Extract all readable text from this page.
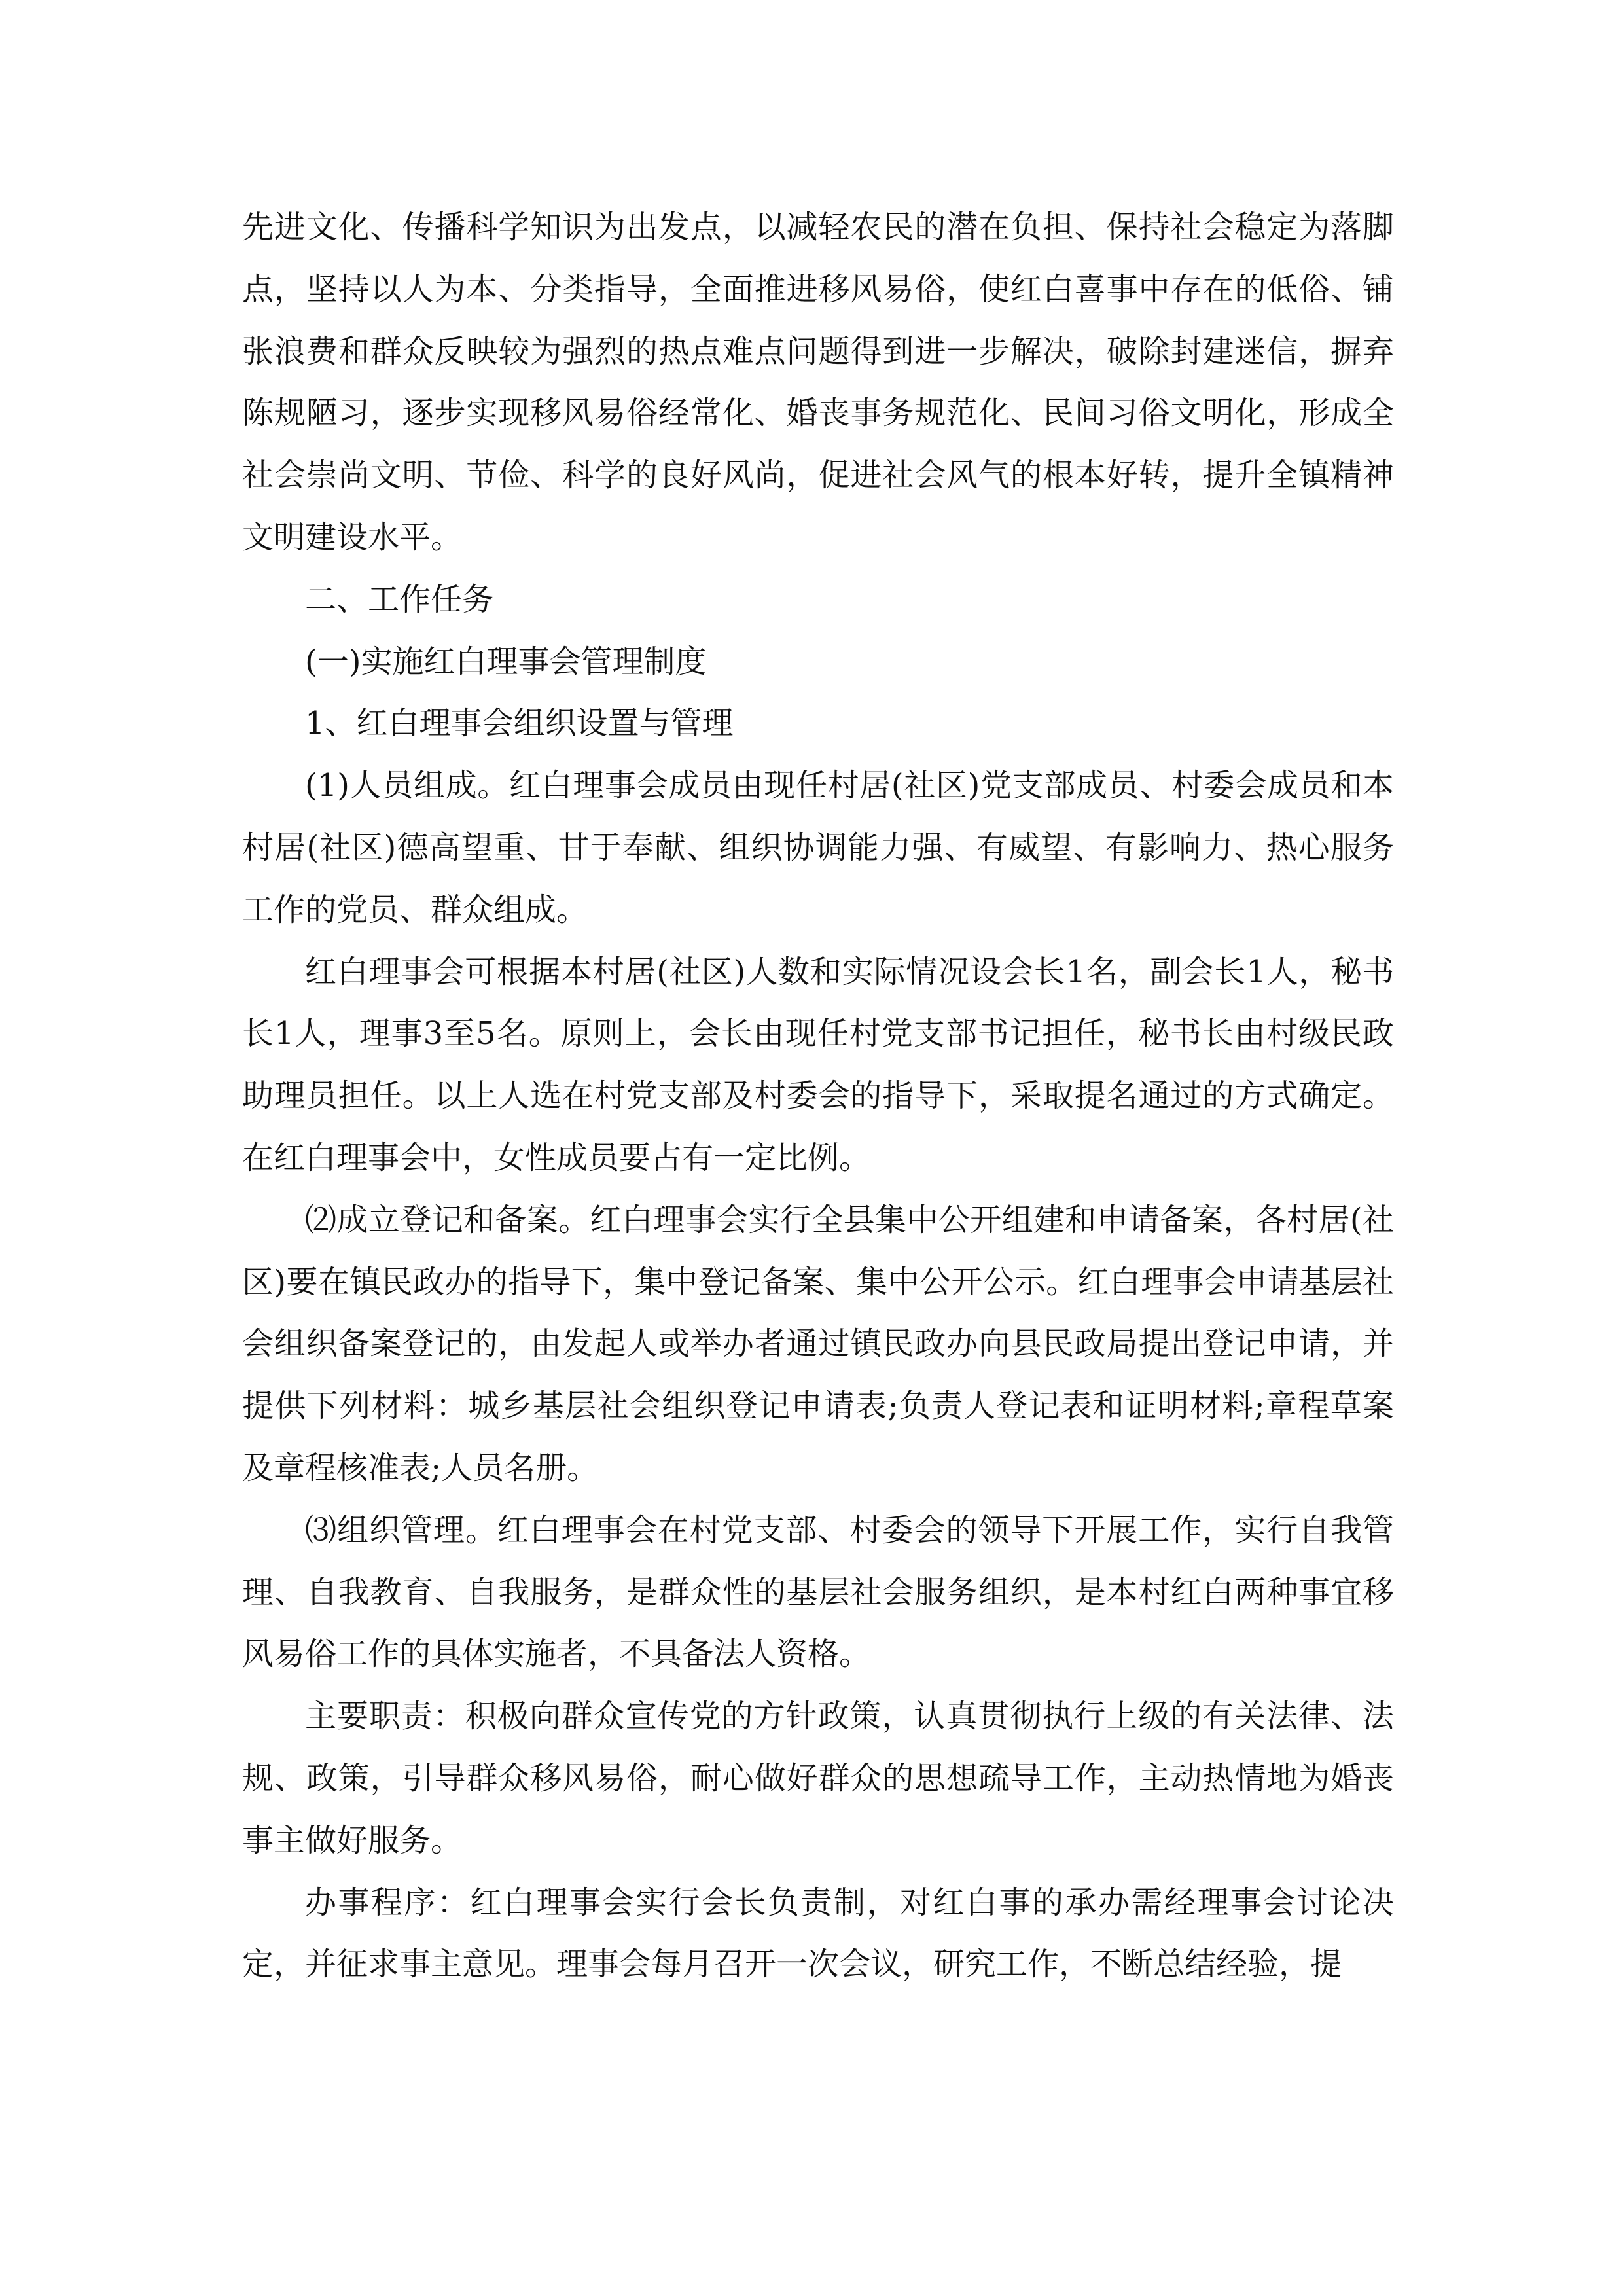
先进文化、传播科学知识为出发点，以减轻农民的潜在负担、保持社会稳定为落脚点，坚持以人为本、分类指导，全面推进移风易俗，使红白喜事中存在的低俗、铺张浪费和群众反映较为强烈的热点难点问题得到进一步解决，破除封建迷信，摒弃陈规陋习，逐步实现移风易俗经常化、婚丧事务规范化、民间习俗文明化，形成全社会崇尚文明、节俭、科学的良好风尚，促进社会风气的根本好转，提升全镇精神文明建设水平。

二、工作任务

(一)实施红白理事会管理制度

1、红白理事会组织设置与管理

(1)人员组成。红白理事会成员由现任村居(社区)党支部成员、村委会成员和本村居(社区)德高望重、甘于奉献、组织协调能力强、有威望、有影响力、热心服务工作的党员、群众组成。

红白理事会可根据本村居(社区)人数和实际情况设会长1名，副会长1人，秘书长1人，理事3至5名。原则上，会长由现任村党支部书记担任，秘书长由村级民政助理员担任。以上人选在村党支部及村委会的指导下，采取提名通过的方式确定。在红白理事会中，女性成员要占有一定比例。

⑵成立登记和备案。红白理事会实行全县集中公开组建和申请备案，各村居(社区)要在镇民政办的指导下，集中登记备案、集中公开公示。红白理事会申请基层社会组织备案登记的，由发起人或举办者通过镇民政办向县民政局提出登记申请，并提供下列材料：城乡基层社会组织登记申请表;负责人登记表和证明材料;章程草案及章程核准表;人员名册。

⑶组织管理。红白理事会在村党支部、村委会的领导下开展工作，实行自我管理、自我教育、自我服务，是群众性的基层社会服务组织，是本村红白两种事宜移风易俗工作的具体实施者，不具备法人资格。

主要职责：积极向群众宣传党的方针政策，认真贯彻执行上级的有关法律、法规、政策，引导群众移风易俗，耐心做好群众的思想疏导工作，主动热情地为婚丧事主做好服务。

办事程序：红白理事会实行会长负责制，对红白事的承办需经理事会讨论决定，并征求事主意见。理事会每月召开一次会议，研究工作，不断总结经验，提
